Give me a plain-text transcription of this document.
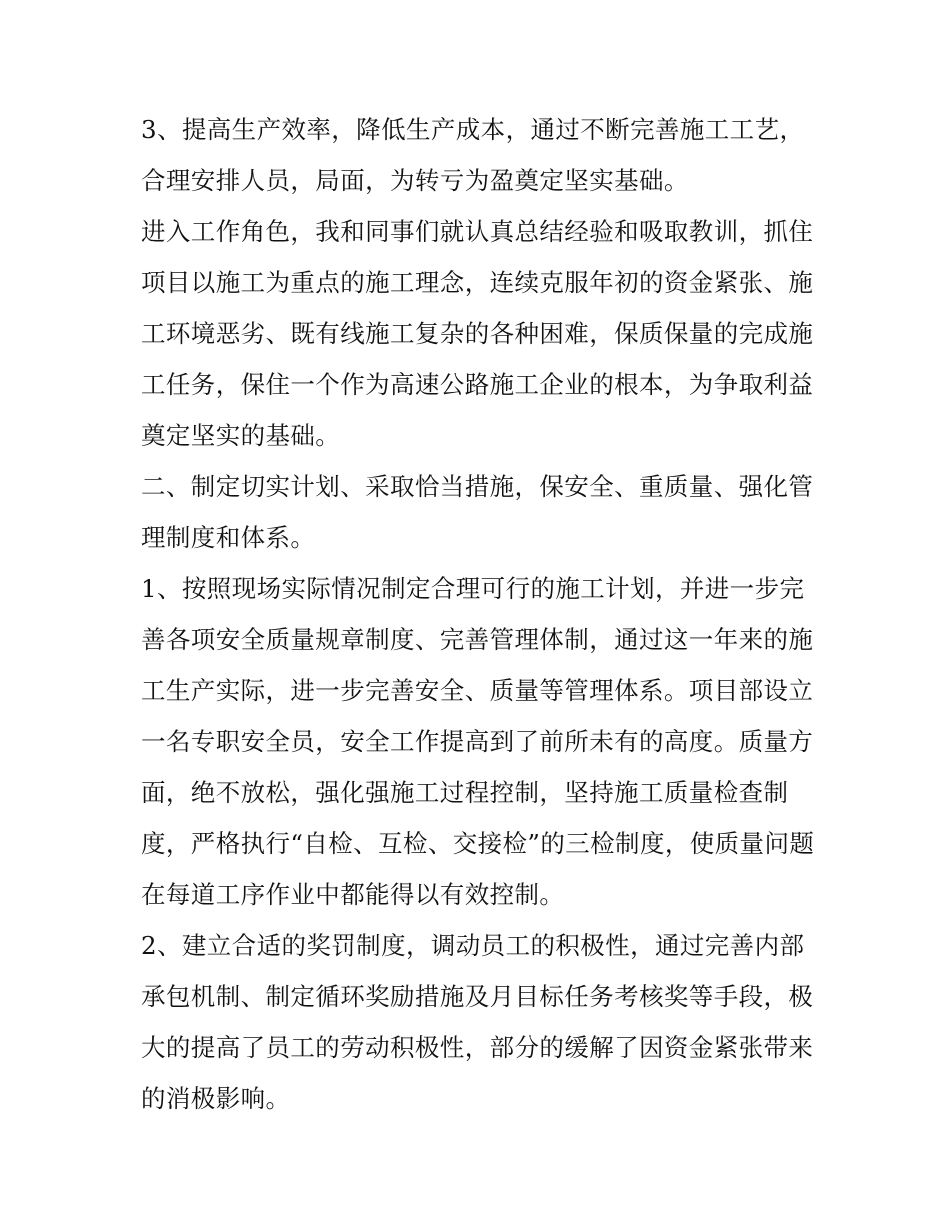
3、提高生产效率，降低生产成本，通过不断完善施工工艺，
合理安排人员，局面，为转亏为盈奠定坚实基础。

进入工作角色，我和同事们就认真总结经验和吸取教训，抓住
项目以施工为重点的施工理念，连续克服年初的资金紧张、施
工环境恶劣、既有线施工复杂的各种困难，保质保量的完成施
工任务，保住一个作为高速公路施工企业的根本，为争取利益
奠定坚实的基础。

二、制定切实计划、采取恰当措施，保安全、重质量、强化管
理制度和体系。

1、按照现场实际情况制定合理可行的施工计划，并进一步完
善各项安全质量规章制度、完善管理体制，通过这一年来的施
工生产实际，进一步完善安全、质量等管理体系。项目部设立
一名专职安全员，安全工作提高到了前所未有的高度。质量方
面，绝不放松，强化强施工过程控制，坚持施工质量检查制
度，严格执行“自检、互检、交接检”的三检制度，使质量问题
在每道工序作业中都能得以有效控制。

2、建立合适的奖罚制度，调动员工的积极性，通过完善内部
承包机制、制定循环奖励措施及月目标任务考核奖等手段，极
大的提高了员工的劳动积极性，部分的缓解了因资金紧张带来
的消极影响。
